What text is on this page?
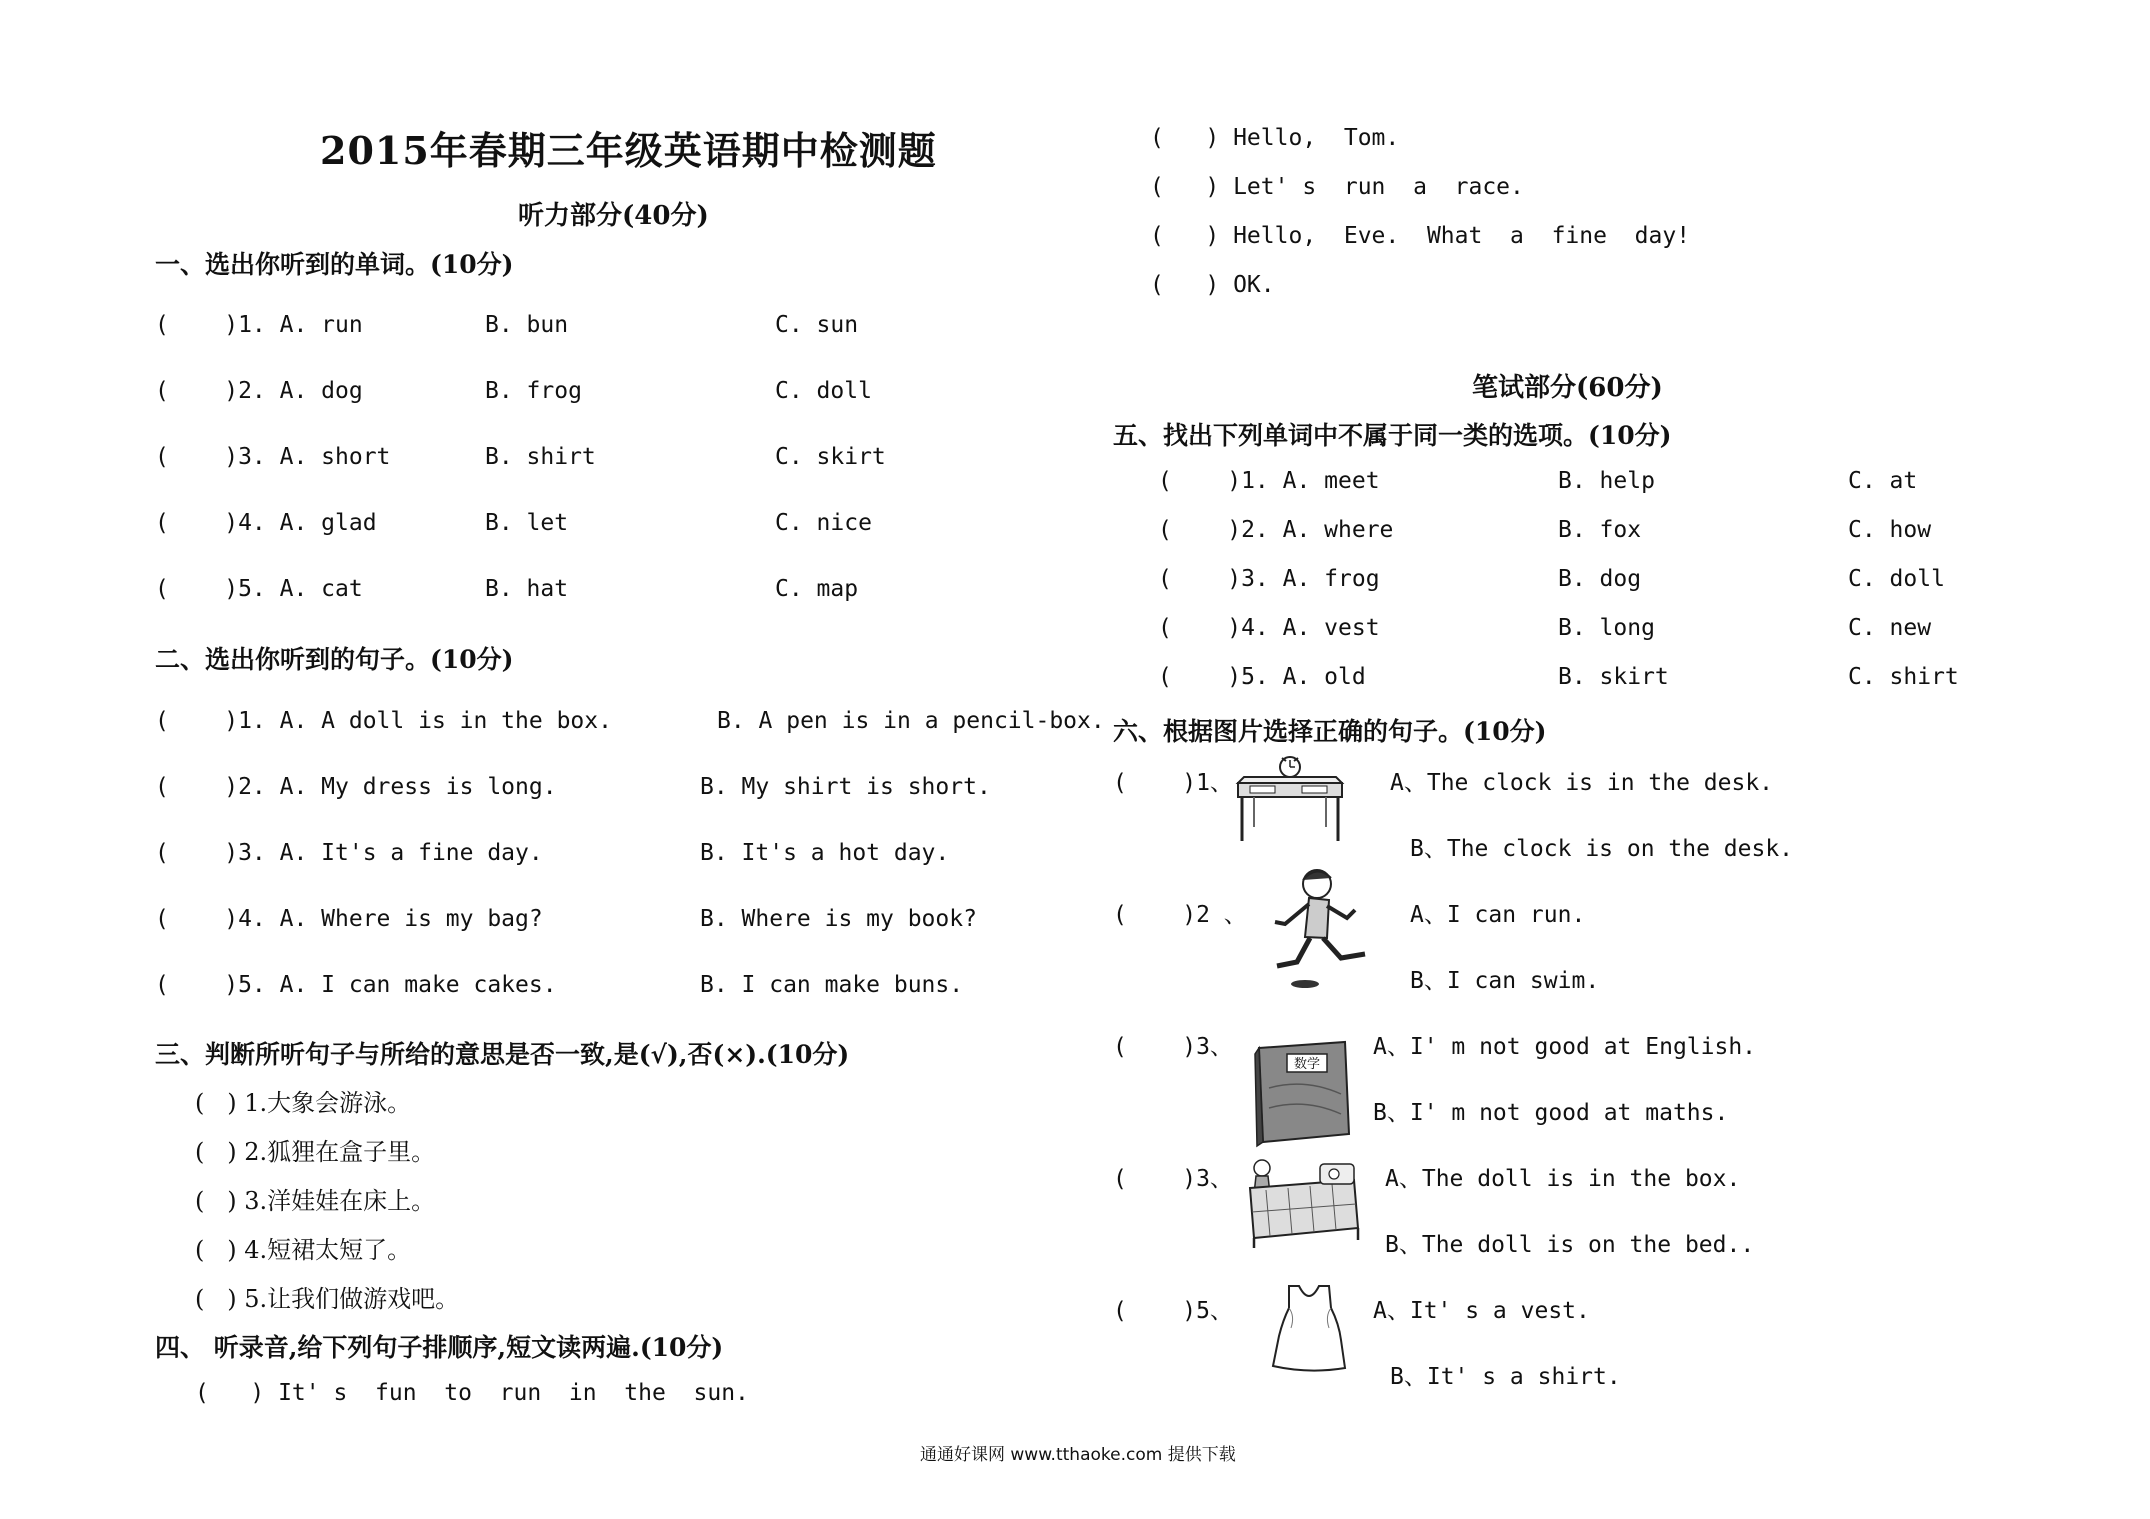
2015年春期三年级英语期中检测题
听力部分(40分)
一、选出你听到的单词。(10分)
(    )1. A. run	B. bun	C. sun
(    )2. A. dog	B. frog	C. doll
(    )3. A. short	B. shirt	C. skirt
(    )4. A. glad	B. let	C. nice
(    )5. A. cat	B. hat	C. map
二、选出你听到的句子。(10分)
(    )1. A. A doll is in the box.	B. A pen is in a pencil-box.
(    )2. A. My dress is long.	B. My shirt is short.
(    )3. A. It's a fine day.	B. It's a hot day.
(    )4. A. Where is my bag?	B. Where is my book?
(    )5. A. I can make cakes.	B. I can make buns.
三、判断所听句子与所给的意思是否一致,是(√),否(×).(10分)
(   ) 1.大象会游泳。
(   ) 2.狐狸在盒子里。
(   ) 3.洋娃娃在床上。
(   ) 4.短裙太短了。
(   ) 5.让我们做游戏吧。
四、 听录音,给下列句子排顺序,短文读两遍.(10分)
(   ) It' s  fun  to  run  in  the  sun.
(   ) Hello,  Tom.
(   ) Let' s  run  a  race.
(   ) Hello,  Eve.  What  a  fine  day!
(   ) OK.
笔试部分(60分)
五、找出下列单词中不属于同一类的选项。(10分)
(    )1. A. meet	B. help	C. at
(    )2. A. where	B. fox	C. how
(    )3. A. frog	B. dog	C. doll
(    )4. A. vest	B. long	C. new
(    )5. A. old	B. skirt	C. shirt
六、根据图片选择正确的句子。(10分)
(    )1、	A、The clock is in the desk.
B、The clock is on the desk.
(    )2 、	A、I can run.
B、I can swim.
(    )3、
数学
A、I' m not good at English.
B、I' m not good at maths.
(    )3、	A、The doll is in the box.
B、The doll is on the bed..
(    )5、	A、It' s a vest.
B、It' s a shirt.
通通好课网 www.tthaoke.com 提供下载
